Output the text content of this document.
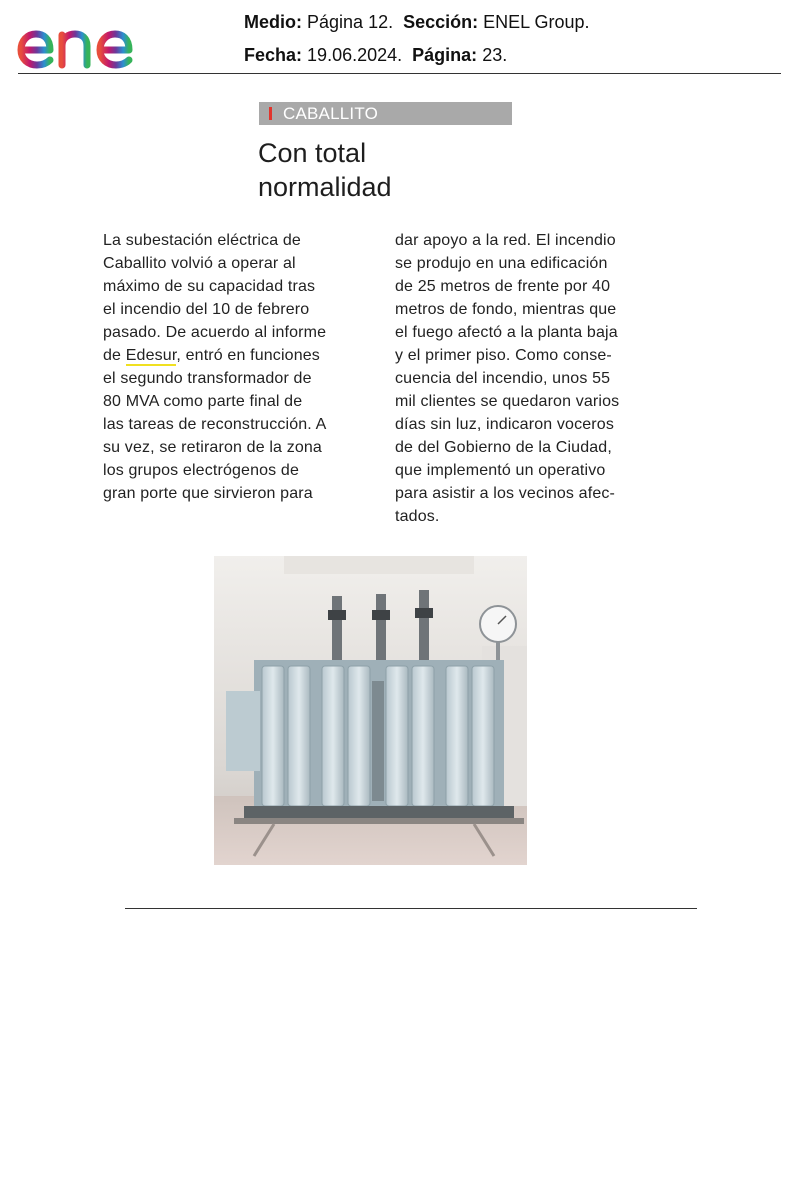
Medio: Página 12. Sección: ENEL Group.
Fecha: 19.06.2024. Página: 23.
CABALLITO
Con total
normalidad
La subestación eléctrica de
Caballito volvió a operar al
máximo de su capacidad tras
el incendio del 10 de febrero
pasado. De acuerdo al informe
de Edesur, entró en funciones
el segundo transformador de
80 MVA como parte final de
las tareas de reconstrucción. A
su vez, se retiraron de la zona
los grupos electrógenos de
gran porte que sirvieron para
dar apoyo a la red. El incendio
se produjo en una edificación
de 25 metros de frente por 40
metros de fondo, mientras que
el fuego afectó a la planta baja
y el primer piso. Como conse-
cuencia del incendio, unos 55
mil clientes se quedaron varios
días sin luz, indicaron voceros
de del Gobierno de la Ciudad,
que implementó un operativo
para asistir a los vecinos afec-
tados.
